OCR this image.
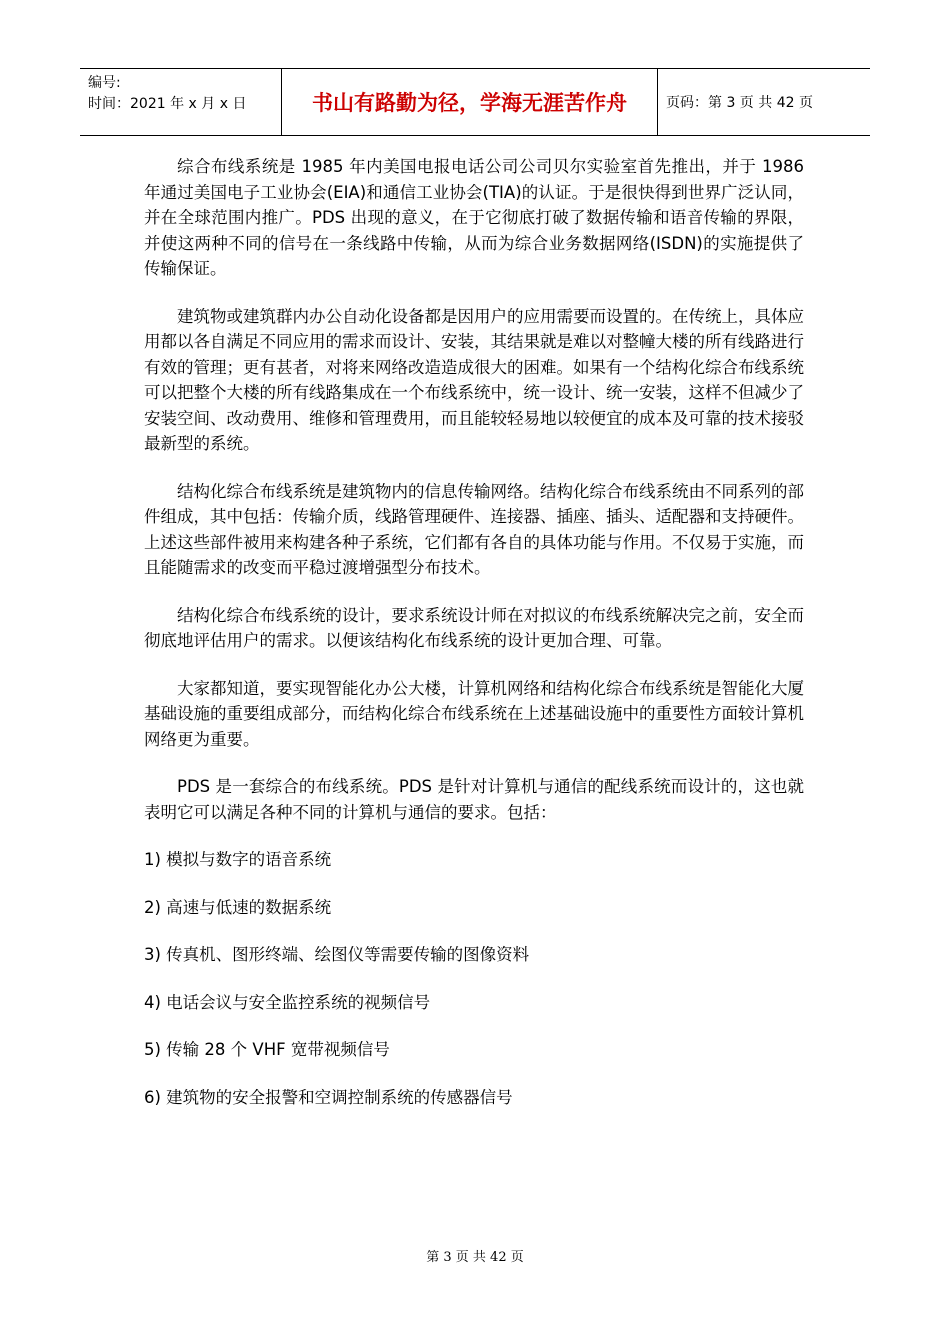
编号:
时间：2021 年 x 月 x 日	书山有路勤为径，学海无涯苦作舟	页码：第 3 页 共 42 页

综合布线系统是 1985 年内美国电报电话公司公司贝尔实验室首先推出，并于 1986 年通过美国电子工业协会(EIA)和通信工业协会(TIA)的认证。于是很快得到世界广泛认同，并在全球范围内推广。PDS 出现的意义，在于它彻底打破了数据传输和语音传输的界限，并使这两种不同的信号在一条线路中传输，从而为综合业务数据网络(ISDN)的实施提供了传输保证。

建筑物或建筑群内办公自动化设备都是因用户的应用需要而设置的。在传统上，具体应用都以各自满足不同应用的需求而设计、安装，其结果就是难以对整幢大楼的所有线路进行有效的管理；更有甚者，对将来网络改造造成很大的困难。如果有一个结构化综合布线系统可以把整个大楼的所有线路集成在一个布线系统中，统一设计、统一安装，这样不但减少了安装空间、改动费用、维修和管理费用，而且能较轻易地以较便宜的成本及可靠的技术接驳最新型的系统。

结构化综合布线系统是建筑物内的信息传输网络。结构化综合布线系统由不同系列的部件组成，其中包括：传输介质，线路管理硬件、连接器、插座、插头、适配器和支持硬件。上述这些部件被用来构建各种子系统，它们都有各自的具体功能与作用。不仅易于实施，而且能随需求的改变而平稳过渡增强型分布技术。

结构化综合布线系统的设计，要求系统设计师在对拟议的布线系统解决完之前，安全而彻底地评估用户的需求。以便该结构化布线系统的设计更加合理、可靠。

大家都知道，要实现智能化办公大楼，计算机网络和结构化综合布线系统是智能化大厦基础设施的重要组成部分，而结构化综合布线系统在上述基础设施中的重要性方面较计算机网络更为重要。

PDS 是一套综合的布线系统。PDS 是针对计算机与通信的配线系统而设计的，这也就表明它可以满足各种不同的计算机与通信的要求。包括：

1) 模拟与数字的语音系统

2) 高速与低速的数据系统

3) 传真机、图形终端、绘图仪等需要传输的图像资料

4) 电话会议与安全监控系统的视频信号

5) 传输 28 个 VHF 宽带视频信号

6) 建筑物的安全报警和空调控制系统的传感器信号

第 3 页 共 42 页
